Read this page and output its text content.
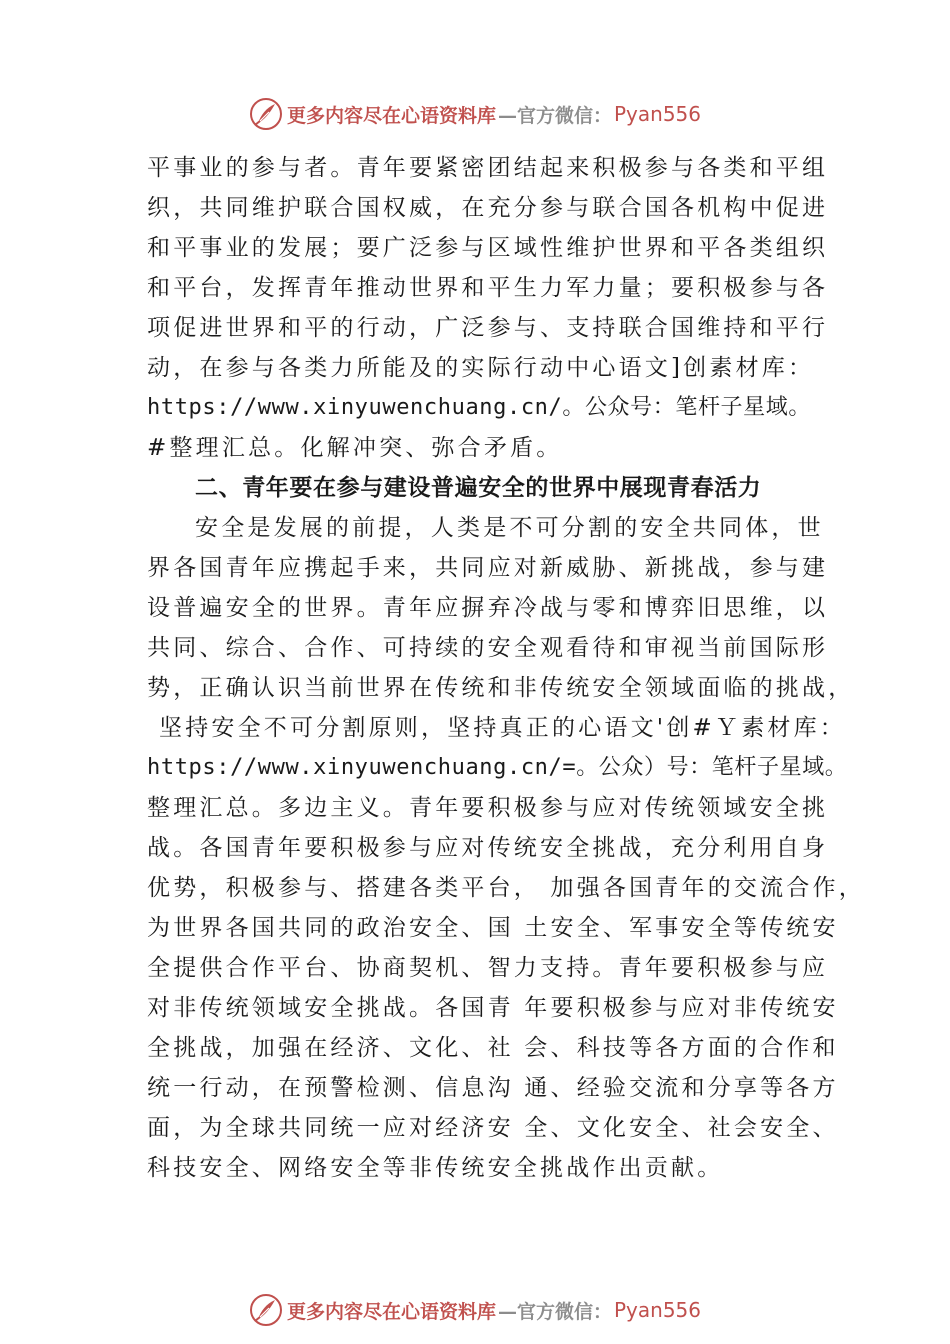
更多内容尽在心语资料库 —官方微信： Pyan556
平事业的参与者。青年要紧密团结起来积极参与各类和平组
织，共同维护联合国权威，在充分参与联合国各机构中促进
和平事业的发展；要广泛参与区域性维护世界和平各类组织
和平台，发挥青年推动世界和平生力军力量；要积极参与各
项促进世界和平的行动，广泛参与、支持联合国维持和平行
动，在参与各类力所能及的实际行动中心语文]创素材库：
https://www.xinyuwenchuang.cn/。公众号：笔杆子星域。
#整理汇总。化解冲突、弥合矛盾。
二、青年要在参与建设普遍安全的世界中展现青春活力
安全是发展的前提，人类是不可分割的安全共同体，世
界各国青年应携起手来，共同应对新威胁、新挑战，参与建
设普遍安全的世界。青年应摒弃冷战与零和博弈旧思维，以
共同、综合、合作、可持续的安全观看待和审视当前国际形
势，正确认识当前世界在传统和非传统安全领域面临的挑战，
坚持安全不可分割原则，坚持真正的心语文'创#Ｙ素材库：
https://www.xinyuwenchuang.cn/=。公众）号：笔杆子星域。
整理汇总。多边主义。青年要积极参与应对传统领域安全挑
战。各国青年要积极参与应对传统安全挑战，充分利用自身
优势，积极参与、搭建各类平台， 加强各国青年的交流合作，
为世界各国共同的政治安全、国 土安全、军事安全等传统安
全提供合作平台、协商契机、智力支持。青年要积极参与应
对非传统领域安全挑战。各国青 年要积极参与应对非传统安
全挑战，加强在经济、文化、社 会、科技等各方面的合作和
统一行动，在预警检测、信息沟 通、经验交流和分享等各方
面，为全球共同统一应对经济安 全、文化安全、社会安全、
科技安全、网络安全等非传统安全挑战作出贡献。
更多内容尽在心语资料库 —官方微信： Pyan556
